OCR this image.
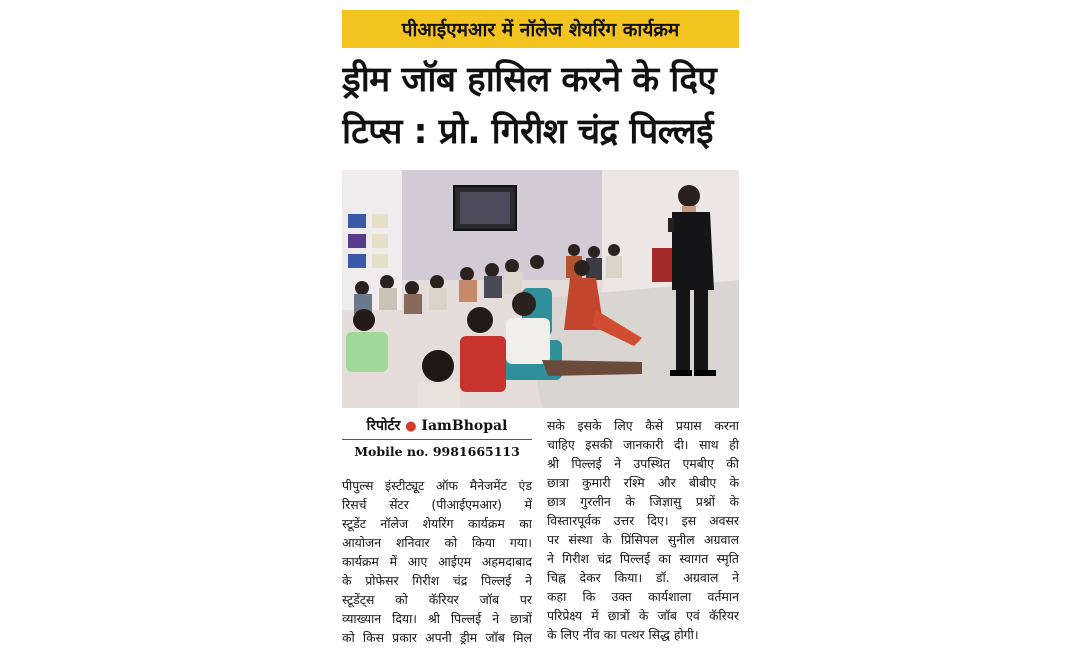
पीआईएमआर में नॉलेज शेयरिंग कार्यक्रम
ड्रीम जॉब हासिल करने के दिए
टिप्स : प्रो. गिरीश चंद्र पिल्लई
रिपोर्टर ● IamBhopal
Mobile no. 9981665113
पीपुल्स इंस्टीट्यूट ऑफ मैनेजमेंट एंड
रिसर्च सेंटर (पीआईएमआर) में
स्टूडेंट नॉलेज शेयरिंग कार्यक्रम का
आयोजन शनिवार को किया गया।
कार्यक्रम में आए आईएम अहमदाबाद
के प्रोफेसर गिरीश चंद्र पिल्लई ने
स्टूडेंट्स को कॅरियर जॉब पर
व्याख्यान दिया। श्री पिल्लई ने छात्रों
को किस प्रकार अपनी ड्रीम जॉब मिल
सके इसके लिए कैसे प्रयास करना
चाहिए इसकी जानकारी दी। साथ ही
श्री पिल्लई ने उपस्थित एमबीए की
छात्रा कुमारी रश्मि और बीबीए के
छात्र गुरलीन के जिज्ञासु प्रश्नों के
विस्तारपूर्वक उत्तर दिए। इस अवसर
पर संस्था के प्रिंसिपल सुनील अग्रवाल
ने गिरीश चंद्र पिल्लई का स्वागत स्मृति
चिह्न देकर किया। डॉ. अग्रवाल ने
कहा कि उक्त कार्यशाला वर्तमान
परिप्रेक्ष्य में छात्रों के जॉब एवं कॅरियर
के लिए नींव का पत्थर सिद्ध होगी।
